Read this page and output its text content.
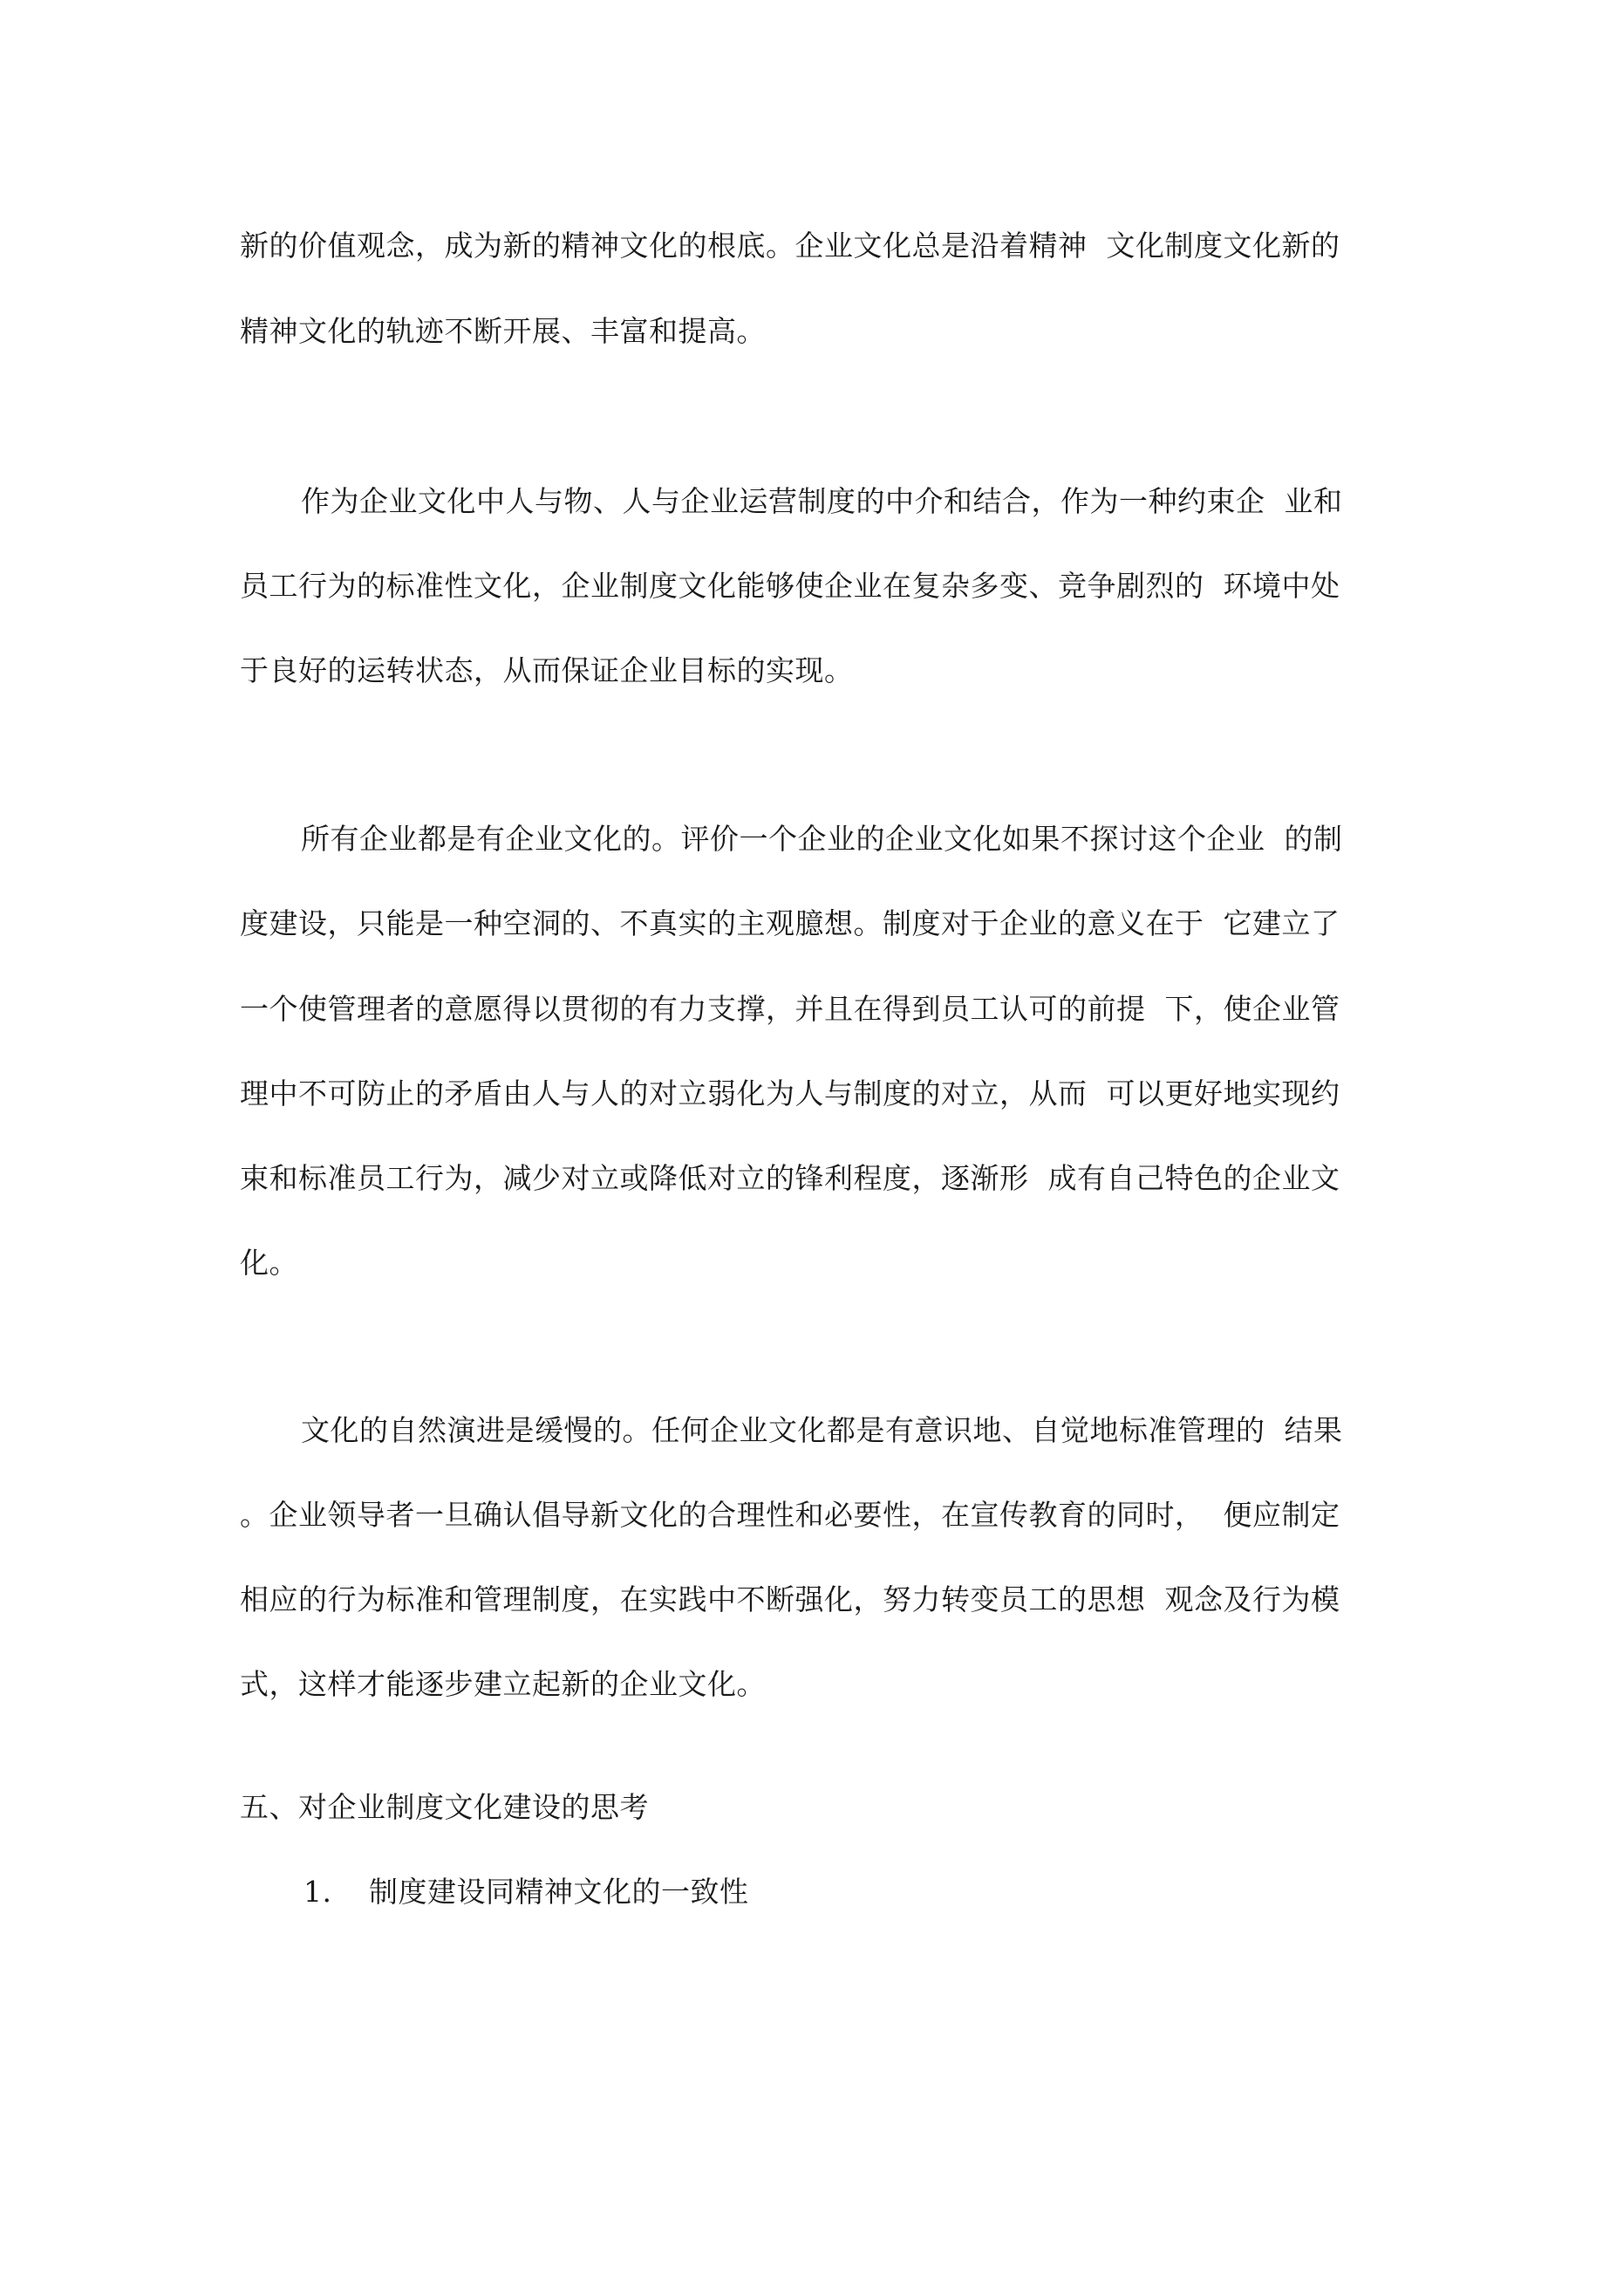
新的价值观念，成为新的精神文化的根底。企业文化总是沿着精神  文化制度文化新的
精神文化的轨迹不断开展、丰富和提高。
作为企业文化中人与物、人与企业运营制度的中介和结合，作为一种约束企  业和
员工行为的标准性文化，企业制度文化能够使企业在复杂多变、竞争剧烈的  环境中处
于良好的运转状态，从而保证企业目标的实现。
所有企业都是有企业文化的。评价一个企业的企业文化如果不探讨这个企业  的制
度建设，只能是一种空洞的、不真实的主观臆想。制度对于企业的意义在于  它建立了
一个使管理者的意愿得以贯彻的有力支撑，并且在得到员工认可的前提  下，使企业管
理中不可防止的矛盾由人与人的对立弱化为人与制度的对立，从而  可以更好地实现约
束和标准员工行为，减少对立或降低对立的锋利程度，逐渐形  成有自己特色的企业文
化。
文化的自然演进是缓慢的。任何企业文化都是有意识地、自觉地标准管理的  结果
。企业领导者一旦确认倡导新文化的合理性和必要性，在宣传教育的同时，  便应制定
相应的行为标准和管理制度，在实践中不断强化，努力转变员工的思想  观念及行为模
式，这样才能逐步建立起新的企业文化。
五、对企业制度文化建设的思考
1. 制度建设同精神文化的一致性
